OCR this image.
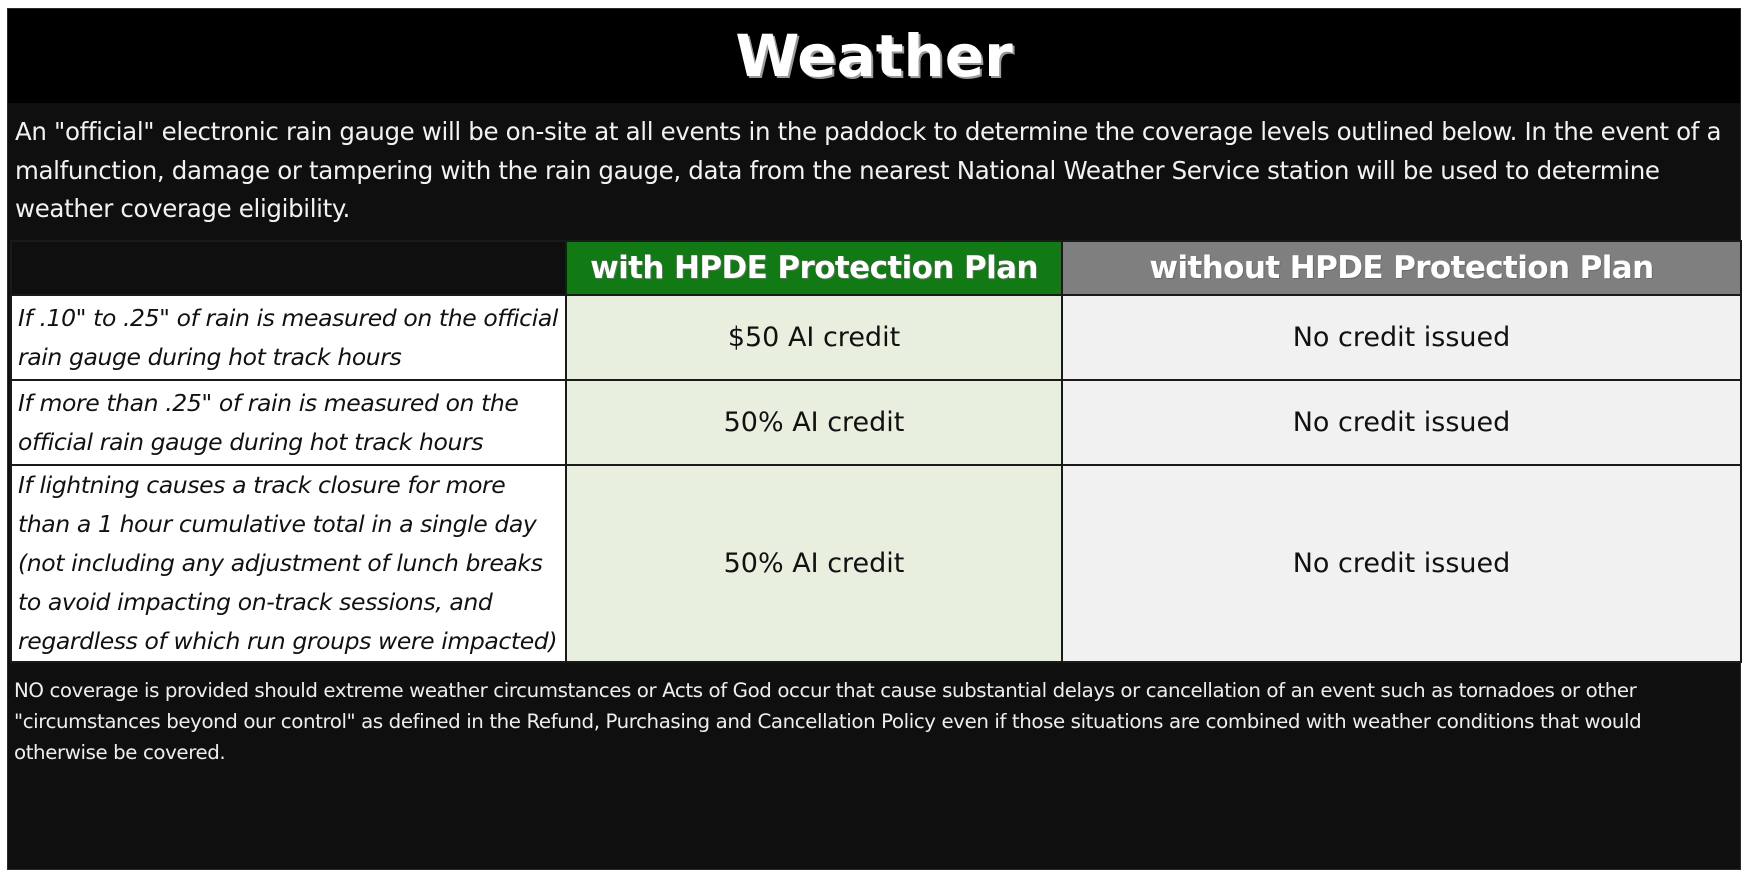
Weather
An "official" electronic rain gauge will be on-site at all events in the paddock to determine the coverage levels outlined below. In the event of a malfunction, damage or tampering with the rain gauge, data from the nearest National Weather Service station will be used to determine weather coverage eligibility.
	with HPDE Protection Plan	without HPDE Protection Plan
If .10" to .25" of rain is measured on the official rain gauge during hot track hours	$50 AI credit	No credit issued
If more than .25" of rain is measured on the official rain gauge during hot track hours	50% AI credit	No credit issued
If lightning causes a track closure for more than a 1 hour cumulative total in a single day (not including any adjustment of lunch breaks to avoid impacting on-track sessions, and regardless of which run groups were impacted)	50% AI credit	No credit issued
NO coverage is provided should extreme weather circumstances or Acts of God occur that cause substantial delays or cancellation of an event such as tornadoes or other "circumstances beyond our control" as defined in the Refund, Purchasing and Cancellation Policy even if those situations are combined with weather conditions that would otherwise be covered.
